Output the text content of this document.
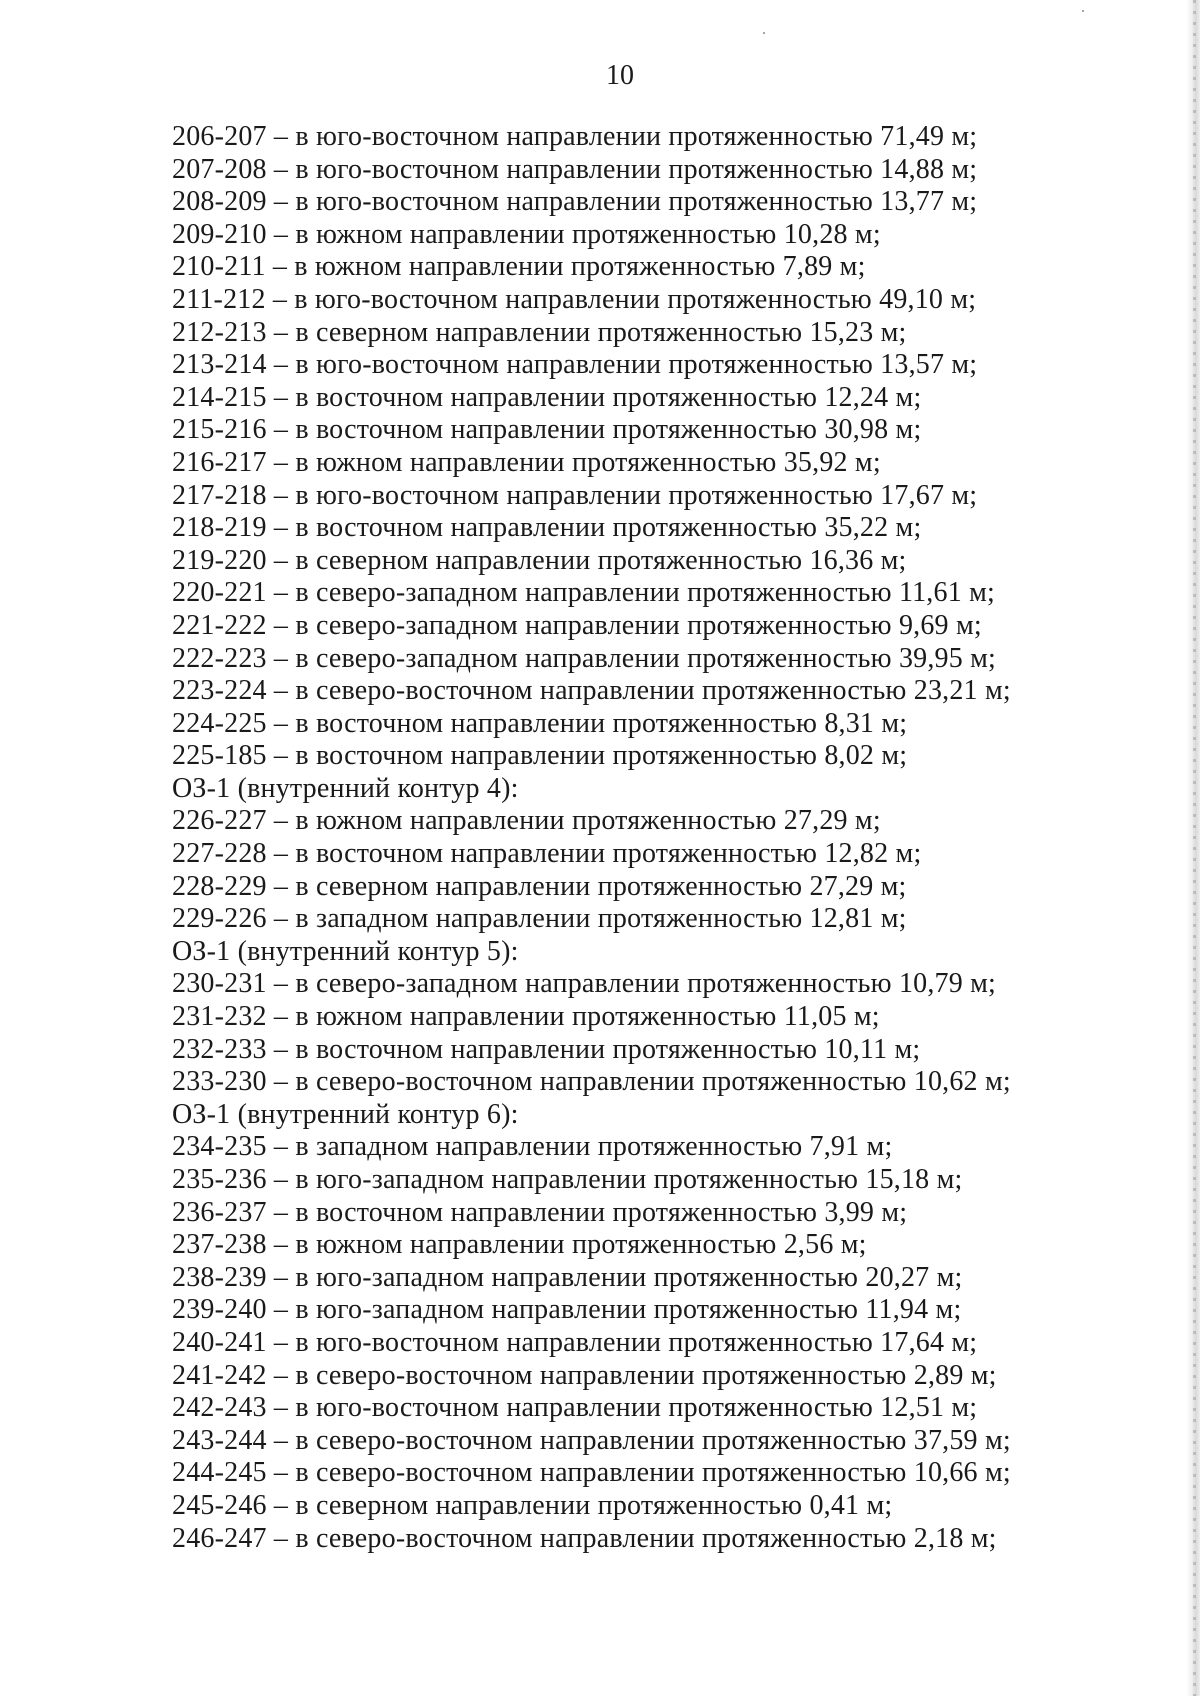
10
206-207 – в юго-восточном направлении протяженностью 71,49 м;
207-208 – в юго-восточном направлении протяженностью 14,88 м;
208-209 – в юго-восточном направлении протяженностью 13,77 м;
209-210 – в южном направлении протяженностью 10,28 м;
210-211 – в южном направлении протяженностью 7,89 м;
211-212 – в юго-восточном направлении протяженностью 49,10 м;
212-213 – в северном направлении протяженностью 15,23 м;
213-214 – в юго-восточном направлении протяженностью 13,57 м;
214-215 – в восточном направлении протяженностью 12,24 м;
215-216 – в восточном направлении протяженностью 30,98 м;
216-217 – в южном направлении протяженностью 35,92 м;
217-218 – в юго-восточном направлении протяженностью 17,67 м;
218-219 – в восточном направлении протяженностью 35,22 м;
219-220 – в северном направлении протяженностью 16,36 м;
220-221 – в северо-западном направлении протяженностью 11,61 м;
221-222 – в северо-западном направлении протяженностью 9,69 м;
222-223 – в северо-западном направлении протяженностью 39,95 м;
223-224 – в северо-восточном направлении протяженностью 23,21 м;
224-225 – в восточном направлении протяженностью 8,31 м;
225-185 – в восточном направлении протяженностью 8,02 м;
ОЗ-1 (внутренний контур 4):
226-227 – в южном направлении протяженностью 27,29 м;
227-228 – в восточном направлении протяженностью 12,82 м;
228-229 – в северном направлении протяженностью 27,29 м;
229-226 – в западном направлении протяженностью 12,81 м;
ОЗ-1 (внутренний контур 5):
230-231 – в северо-западном направлении протяженностью 10,79 м;
231-232 – в южном направлении протяженностью 11,05 м;
232-233 – в восточном направлении протяженностью 10,11 м;
233-230 – в северо-восточном направлении протяженностью 10,62 м;
ОЗ-1 (внутренний контур 6):
234-235 – в западном направлении протяженностью 7,91 м;
235-236 – в юго-западном направлении протяженностью 15,18 м;
236-237 – в восточном направлении протяженностью 3,99 м;
237-238 – в южном направлении протяженностью 2,56 м;
238-239 – в юго-западном направлении протяженностью 20,27 м;
239-240 – в юго-западном направлении протяженностью 11,94 м;
240-241 – в юго-восточном направлении протяженностью 17,64 м;
241-242 – в северо-восточном направлении протяженностью 2,89 м;
242-243 – в юго-восточном направлении протяженностью 12,51 м;
243-244 – в северо-восточном направлении протяженностью 37,59 м;
244-245 – в северо-восточном направлении протяженностью 10,66 м;
245-246 – в северном направлении протяженностью 0,41 м;
246-247 – в северо-восточном направлении протяженностью 2,18 м;
